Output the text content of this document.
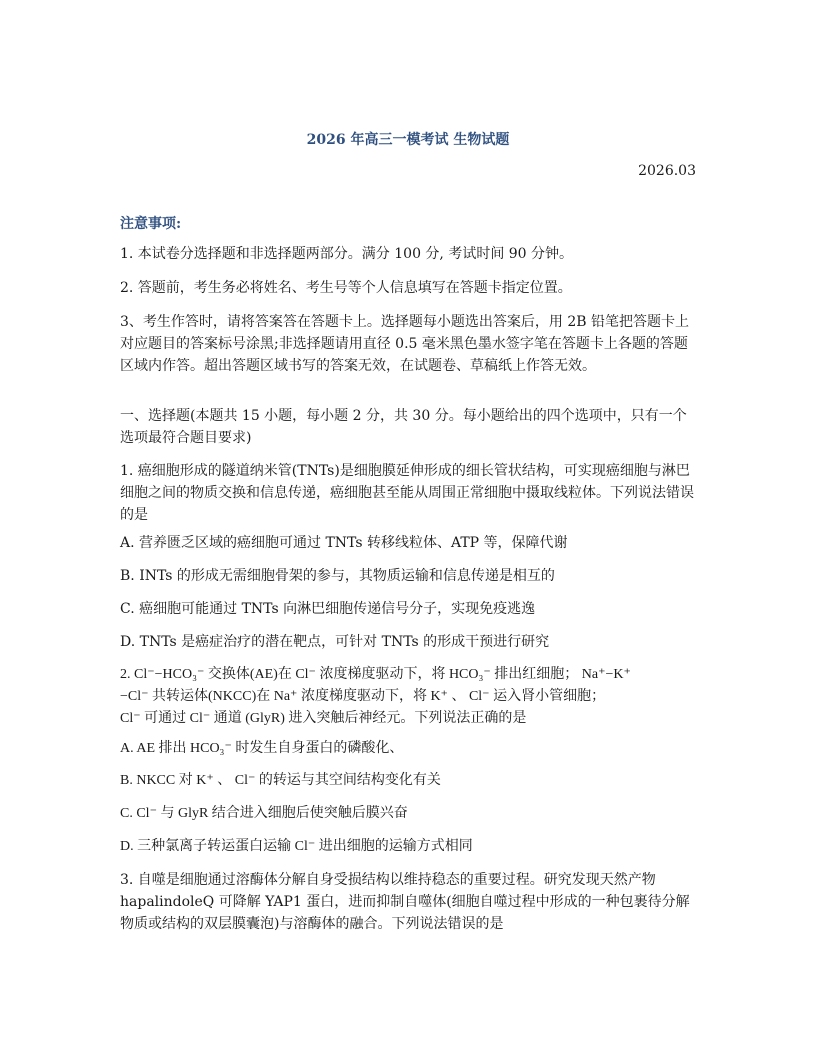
2026 年高三一模考试 生物试题
2026.03
注意事项:

1. 本试卷分选择题和非选择题两部分。满分 100 分, 考试时间 90 分钟。

2. 答题前，考生务必将姓名、考生号等个人信息填写在答题卡指定位置。

3、考生作答时，请将答案答在答题卡上。选择题每小题选出答案后，用 2B 铅笔把答题卡上对应题目的答案标号涂黑;非选择题请用直径 0.5 毫米黑色墨水签字笔在答题卡上各题的答题区域内作答。超出答题区域书写的答案无效，在试题卷、草稿纸上作答无效。

一、选择题(本题共 15 小题，每小题 2 分，共 30 分。每小题给出的四个选项中，只有一个选项最符合题目要求)

1. 癌细胞形成的隧道纳米管(TNTs)是细胞膜延伸形成的细长管状结构，可实现癌细胞与淋巴细胞之间的物质交换和信息传递，癌细胞甚至能从周围正常细胞中摄取线粒体。下列说法错误的是

A. 营养匮乏区域的癌细胞可通过 TNTs 转移线粒体、ATP 等，保障代谢

B. INTs 的形成无需细胞骨架的参与，其物质运输和信息传递是相互的

C. 癌细胞可能通过 TNTs 向淋巴细胞传递信号分子，实现免疫逃逸

D. TNTs 是癌症治疗的潜在靶点，可针对 TNTs 的形成干预进行研究

2. Cl⁻−HCO₃⁻ 交换体(AE)在 Cl⁻ 浓度梯度驱动下，将 HCO₃⁻ 排出红细胞； Na⁺−K⁺

−Cl⁻ 共转运体(NKCC)在 Na⁺ 浓度梯度驱动下，将 K⁺ 、 Cl⁻ 运入肾小管细胞；

Cl⁻ 可通过 Cl⁻ 通道 (GlyR) 进入突触后神经元。下列说法正确的是

A. AE 排出 HCO₃⁻ 时发生自身蛋白的磷酸化、

B. NKCC 对 K⁺ 、 Cl⁻ 的转运与其空间结构变化有关

C. Cl⁻ 与 GlyR 结合进入细胞后使突触后膜兴奋

D. 三种氯离子转运蛋白运输 Cl⁻ 进出细胞的运输方式相同

3. 自噬是细胞通过溶酶体分解自身受损结构以维持稳态的重要过程。研究发现天然产物 hapalindoleQ 可降解 YAP1 蛋白，进而抑制自噬体(细胞自噬过程中形成的一种包裹待分解物质或结构的双层膜囊泡)与溶酶体的融合。下列说法错误的是
